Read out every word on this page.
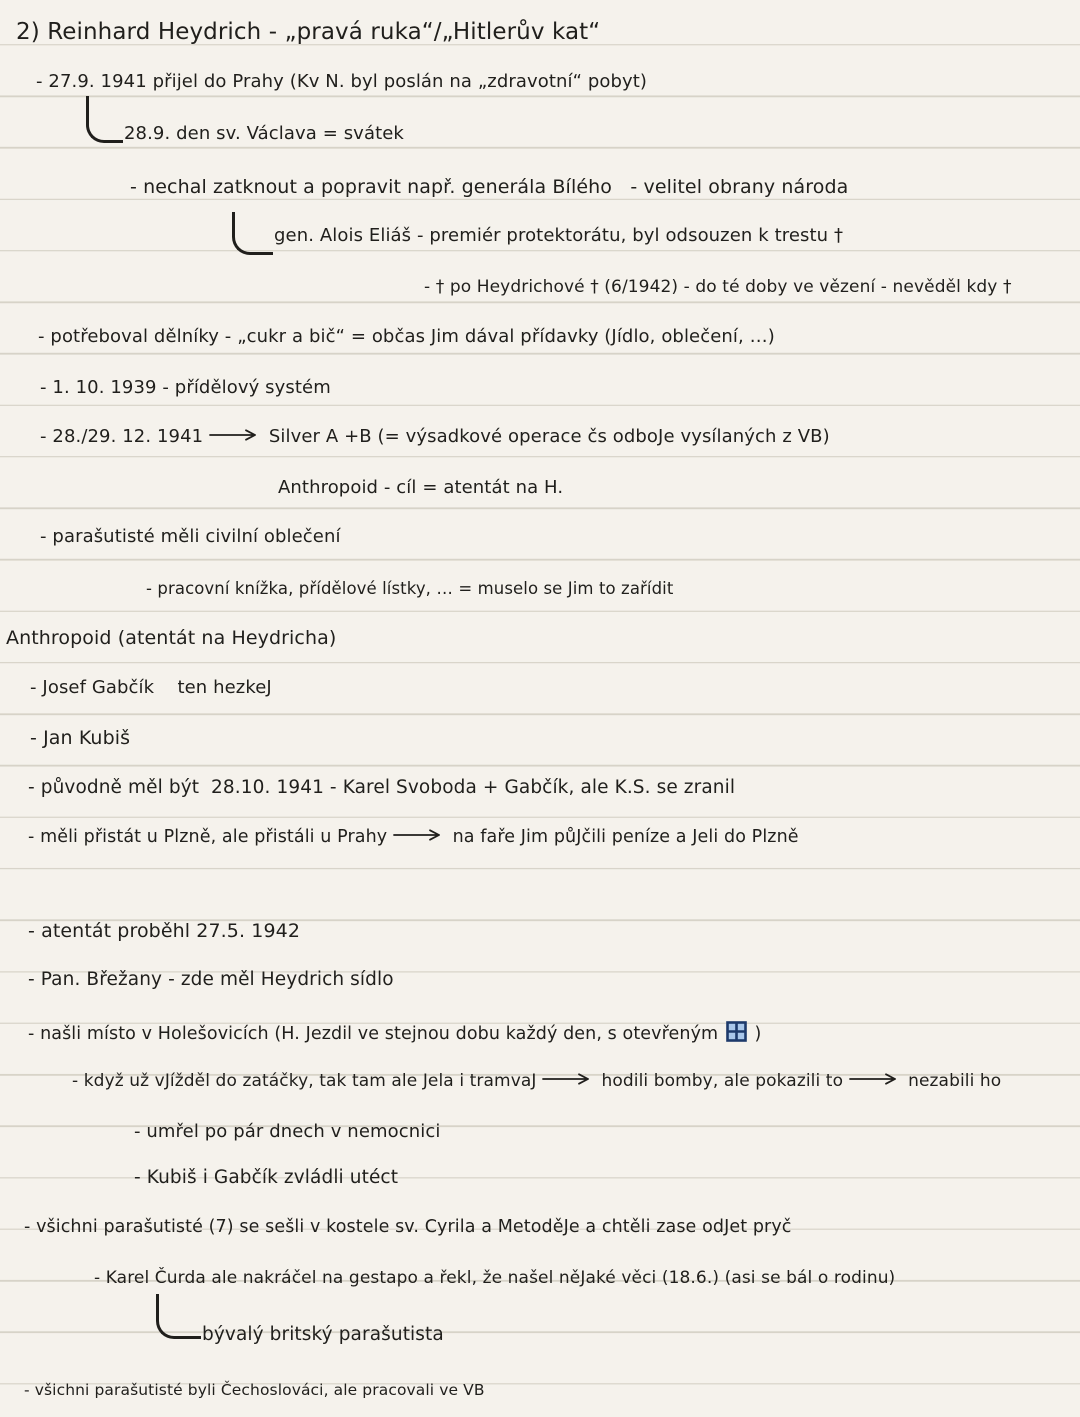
2) Reinhard Heydrich - „pravá ruka“/„Hitlerův kat“
- 27.9. 1941 přijel do Prahy (Kv N. byl poslán na „zdravotní“ pobyt)
28.9. den sv. Václava = svátek
- nechal zatknout a popravit např. generála Bílého   - velitel obrany národa
gen. Alois Eliáš - premiér protektorátu, byl odsouzen k trestu †
- † po Heydrichové † (6/1942) - do té doby ve vězení - nevěděl kdy †
- potřeboval dělníky - „cukr a bič“ = občas Jim dával přídavky (Jídlo, oblečení, …)
- 1. 10. 1939 - přídělový systém
- 28./29. 12. 1941	Silver A +B (= výsadkové operace čs odboJe vysílaných z VB)
Anthropoid - cíl = atentát na H.
- parašutisté měli civilní oblečení
- pracovní knížka, přídělové lístky, … = muselo se Jim to zařídit
Anthropoid (atentát na Heydricha)
- Josef Gabčík    ten hezkeJ
- Jan Kubiš
- původně měl být  28.10. 1941 - Karel Svoboda + Gabčík, ale K.S. se zranil
- měli přistát u Plzně, ale přistáli u Prahy	na faře Jim půJčili peníze a Jeli do Plzně
- atentát proběhl 27.5. 1942
- Pan. Břežany - zde měl Heydrich sídlo
- našli místo v Holešovicích (H. Jezdil ve stejnou dobu každý den, s otevřeným  )
- když už vJížděl do zatáčky, tak tam ale Jela i tramvaJ	hodili bomby, ale pokazili to	nezabili ho
- umřel po pár dnech v nemocnici
- Kubiš i Gabčík zvládli utéct
- všichni parašutisté (7) se sešli v kostele sv. Cyrila a MetoděJe a chtěli zase odJet pryč
- Karel Čurda ale nakráčel na gestapo a řekl, že našel něJaké věci (18.6.) (asi se bál o rodinu)
bývalý britský parašutista
- všichni parašutisté byli Čechoslováci, ale pracovali ve VB
